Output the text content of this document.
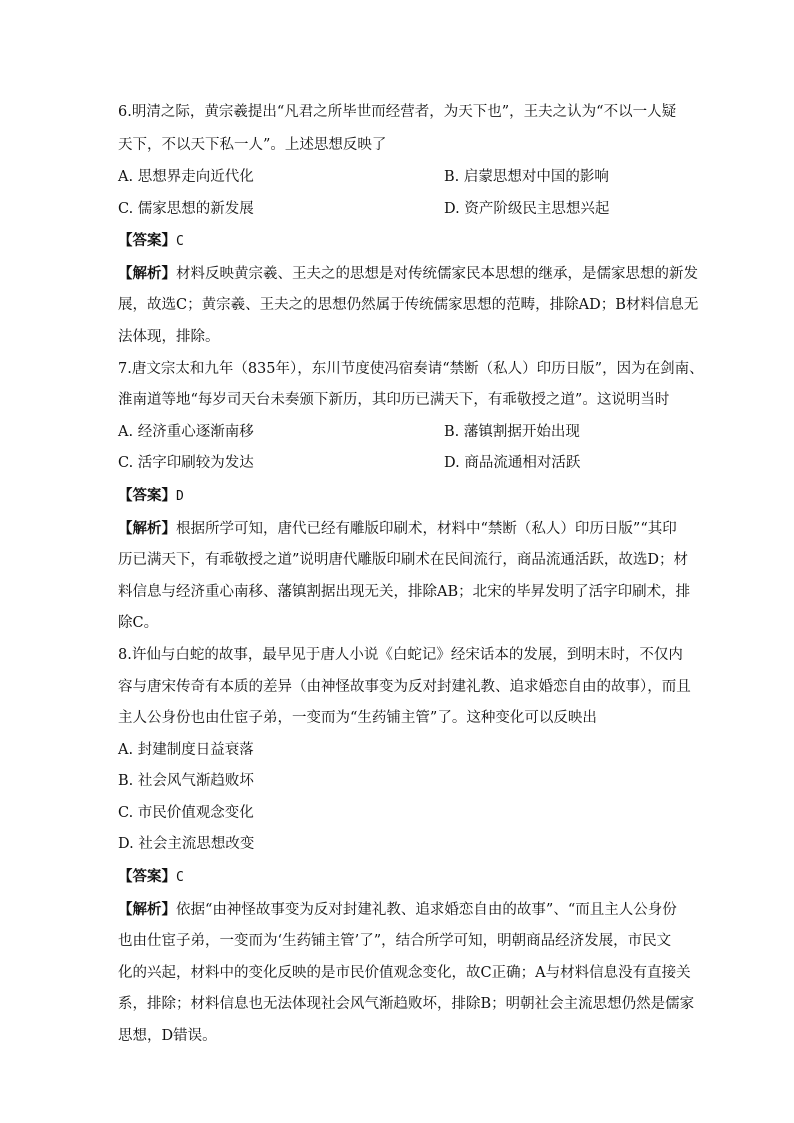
6.明清之际，黄宗羲提出“凡君之所毕世而经营者，为天下也”，王夫之认为“不以一人疑
天下，不以天下私一人”。上述思想反映了
A. 思想界走向近代化	B. 启蒙思想对中国的影响
C. 儒家思想的新发展	D. 资产阶级民主思想兴起
【答案】C
【解析】材料反映黄宗羲、王夫之的思想是对传统儒家民本思想的继承，是儒家思想的新发
展，故选C；黄宗羲、王夫之的思想仍然属于传统儒家思想的范畴，排除AD；B材料信息无
法体现，排除。
7.唐文宗太和九年（835年），东川节度使冯宿奏请“禁断（私人）印历日版”，因为在剑南、
淮南道等地“每岁司天台未奏颁下新历，其印历已满天下，有乖敬授之道”。这说明当时
A. 经济重心逐渐南移	B. 藩镇割据开始出现
C. 活字印刷较为发达	D. 商品流通相对活跃
【答案】D
【解析】根据所学可知，唐代已经有雕版印刷术，材料中“禁断（私人）印历日版”“其印
历已满天下，有乖敬授之道”说明唐代雕版印刷术在民间流行，商品流通活跃，故选D；材
料信息与经济重心南移、藩镇割据出现无关，排除AB；北宋的毕昇发明了活字印刷术，排
除C。
8.许仙与白蛇的故事，最早见于唐人小说《白蛇记》经宋话本的发展，到明末时，不仅内
容与唐宋传奇有本质的差异（由神怪故事变为反对封建礼教、追求婚恋自由的故事），而且
主人公身份也由仕宦子弟，一变而为“生药铺主管”了。这种变化可以反映出
A. 封建制度日益衰落
B. 社会风气渐趋败坏
C. 市民价值观念变化
D. 社会主流思想改变
【答案】C
【解析】依据“由神怪故事变为反对封建礼教、追求婚恋自由的故事”、“而且主人公身份
也由仕宦子弟，一变而为‘生药铺主管’了”，结合所学可知，明朝商品经济发展，市民文
化的兴起，材料中的变化反映的是市民价值观念变化，故C正确；A与材料信息没有直接关
系，排除；材料信息也无法体现社会风气渐趋败坏，排除B；明朝社会主流思想仍然是儒家
思想，D错误。
